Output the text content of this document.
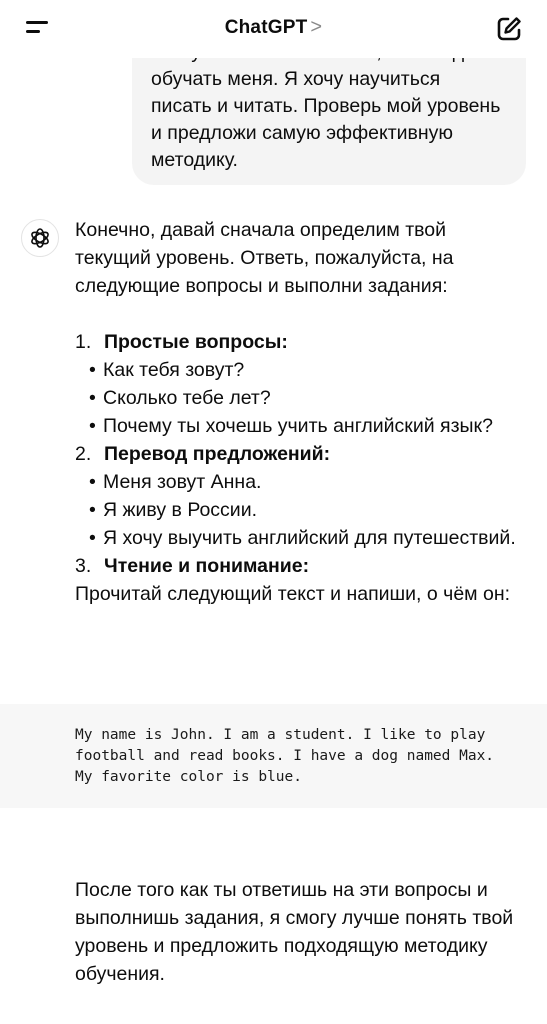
обучать меня. Я хочу научиться писать и читать. Проверь мой уровень и предложи самую эффективную методику.
ChatGPT >

Конечно, давай сначала определим твой текущий уровень. Ответь, пожалуйста, на следующие вопросы и выполни задания:

1. Простые вопросы:
• Как тебя зовут?
• Сколько тебе лет?
• Почему ты хочешь учить английский язык?
2. Перевод предложений:
• Меня зовут Анна.
• Я живу в России.
• Я хочу выучить английский для путешествий.
3. Чтение и понимание:

Прочитай следующий текст и напиши, о чём он:

My name is John. I am a student. I like to play football and read books. I have a dog named Max. My favorite color is blue.

После того как ты ответишь на эти вопросы и выполнишь задания, я смогу лучше понять твой уровень и предложить подходящую методику обучения.
